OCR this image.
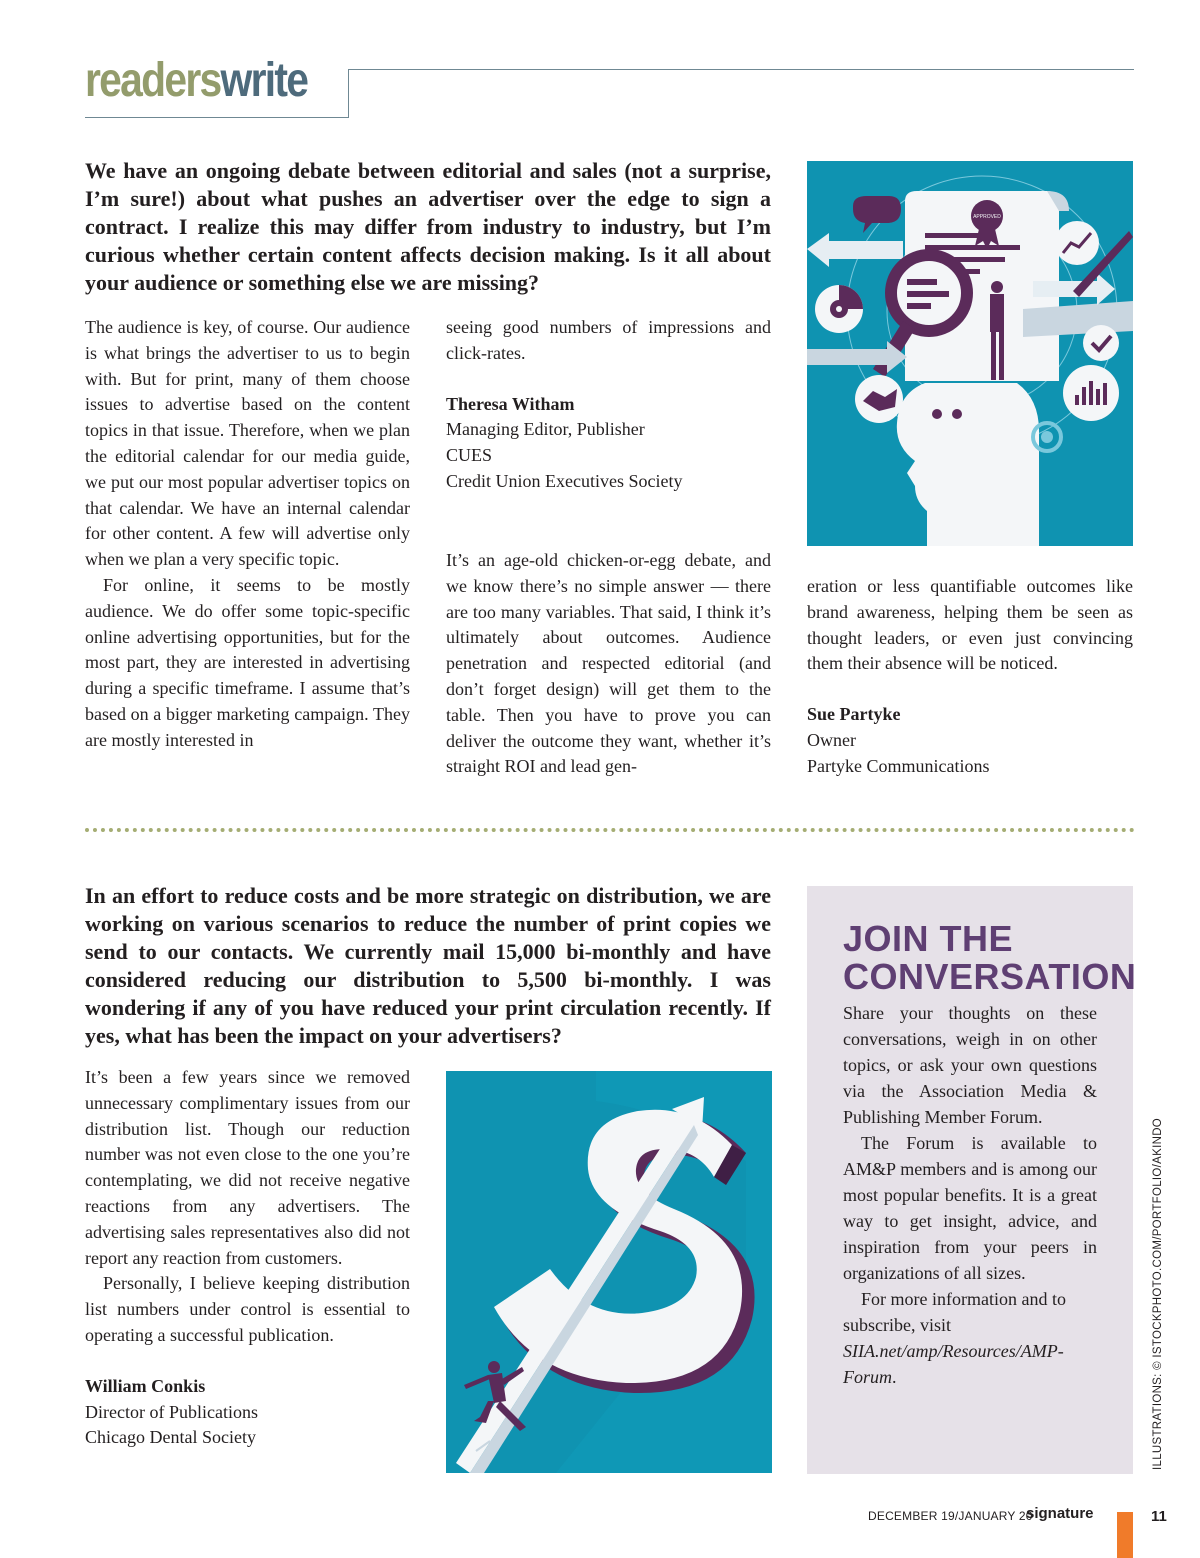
readerswrite
We have an ongoing debate between editorial and sales (not a surprise, I’m sure!) about what pushes an advertiser over the edge to sign a contract. I realize this may differ from industry to industry, but I’m curious whether certain content affects decision making. Is it all about your audience or something else we are missing?

The audience is key, of course. Our audience is what brings the advertiser to us to begin with. But for print, many of them choose issues to advertise based on the content topics in that issue. Therefore, when we plan the editorial calendar for our media guide, we put our most popular advertiser topics on that calendar. We have an internal calendar for other content. A few will advertise only when we plan a very specific topic.

For online, it seems to be mostly audience. We do offer some topic-specific online advertising opportunities, but for the most part, they are interested in advertising during a specific timeframe. I assume that’s based on a bigger marketing campaign. They are mostly interested in

seeing good numbers of impressions and click-rates.

Theresa Witham

Managing Editor, Publisher

CUES

Credit Union Executives Society

It’s an age-old chicken-or-egg debate, and we know there’s no simple answer — there are too many variables. That said, I think it’s ultimately about outcomes. Audience penetration and respected editorial (and don’t forget design) will get them to the table. Then you have to prove you can deliver the outcome they want, whether it’s straight ROI and lead gen-

eration or less quantifiable outcomes like brand awareness, helping them be seen as thought leaders, or even just convincing them their absence will be noticed.

Sue Partyke

Owner

Partyke Communications

APPROVED
In an effort to reduce costs and be more strategic on distribution, we are working on various scenarios to reduce the number of print copies we send to our contacts. We currently mail 15,000 bi-monthly and have considered reducing our distribution to 5,500 bi-monthly. I was wondering if any of you have reduced your print circulation recently. If yes, what has been the impact on your advertisers?

It’s been a few years since we removed unnecessary complimentary issues from our distribution list. Though our reduction number was not even close to the one you’re contemplating, we did not receive negative reactions from any advertisers. The advertising sales representatives also did not report any reaction from customers.

Personally, I believe keeping distribution list numbers under control is essential to operating a successful publication.

William Conkis

Director of Publications

Chicago Dental Society

JOIN THE
CONVERSATION

Share your thoughts on these conversations, weigh in on other topics, or ask your own questions via the Association Media & Publishing Member Forum.

The Forum is available to AM&P members and is among our most popular benefits. It is a great way to get insight, advice, and inspiration from your peers in organizations of all sizes.

For more information and to subscribe, visit SIIA.net/amp/Resources/AMP-Forum.	ILLUSTRATIONS: © ISTOCKPHOTO.COM/PORTFOLIO/AKINDO
DECEMBER 19/JANUARY 20
signature	11
